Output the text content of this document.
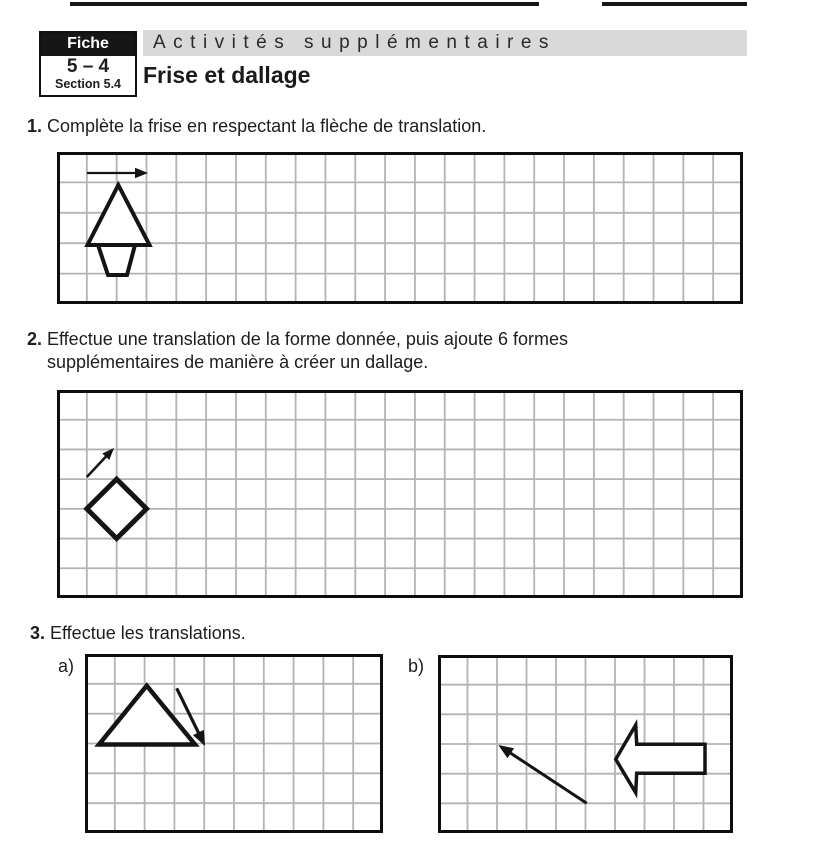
Fiche
5 – 4
Section 5.4
Activités supplémentaires
Frise et dallage
1. Complète la frise en respectant la flèche de translation.
2. Effectue une translation de la forme donnée, puis ajoute 6 formes
supplémentaires de manière à créer un dallage.
3. Effectue les translations.
a)	b)
